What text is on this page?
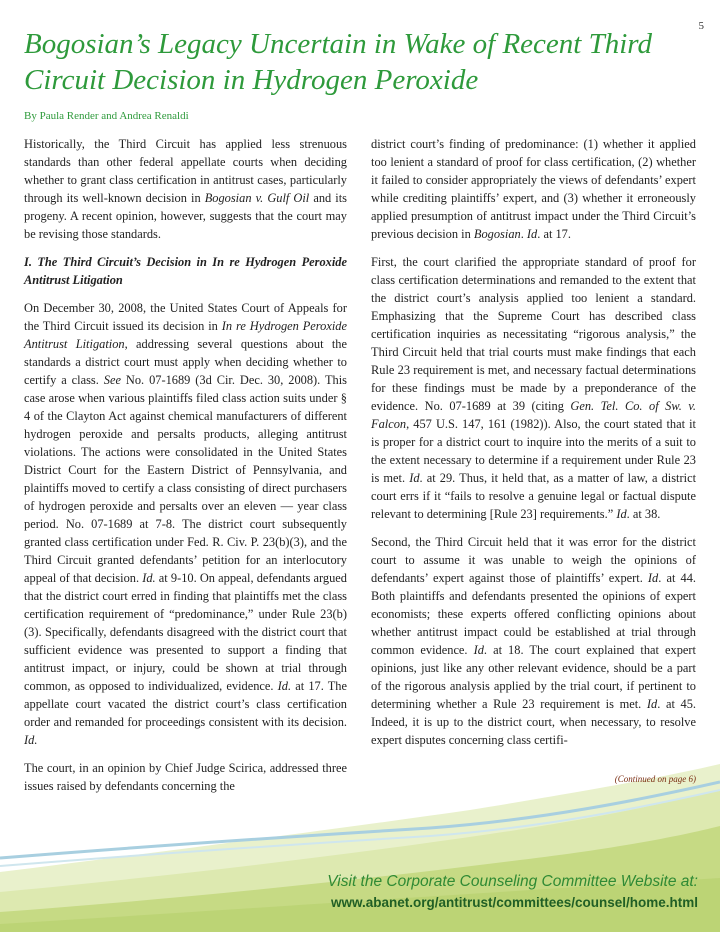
5
Bogosian’s Legacy Uncertain in Wake of Recent Third Circuit Decision in Hydrogen Peroxide
By Paula Render and Andrea Renaldi

Historically, the Third Circuit has applied less strenuous standards than other federal appellate courts when deciding whether to grant class certification in antitrust cases, particularly through its well-known decision in Bogosian v. Gulf Oil and its progeny. A recent opinion, however, suggests that the court may be revising those standards.

I. The Third Circuit’s Decision in In re Hydrogen Peroxide Antitrust Litigation

On December 30, 2008, the United States Court of Appeals for the Third Circuit issued its decision in In re Hydrogen Peroxide Antitrust Litigation, addressing several questions about the standards a district court must apply when deciding whether to certify a class. See No. 07-1689 (3d Cir. Dec. 30, 2008). This case arose when various plaintiffs filed class action suits under § 4 of the Clayton Act against chemical manufacturers of different hydrogen peroxide and persalts products, alleging antitrust violations. The actions were consolidated in the United States District Court for the Eastern District of Pennsylvania, and plaintiffs moved to certify a class consisting of direct purchasers of hydrogen peroxide and persalts over an eleven — year class period. No. 07-1689 at 7-8. The district court subsequently granted class certification under Fed. R. Civ. P. 23(b)(3), and the Third Circuit granted defendants’ petition for an interlocutory appeal of that decision. Id. at 9-10. On appeal, defendants argued that the district court erred in finding that plaintiffs met the class certification requirement of “predominance,” under Rule 23(b)(3). Specifically, defendants disagreed with the district court that sufficient evidence was presented to support a finding that antitrust impact, or injury, could be shown at trial through common, as opposed to individualized, evidence. Id. at 17. The appellate court vacated the district court’s class certification order and remanded for proceedings consistent with its decision. Id.

The court, in an opinion by Chief Judge Scirica, addressed three issues raised by defendants concerning the

district court’s finding of predominance: (1) whether it applied too lenient a standard of proof for class certification, (2) whether it failed to consider appropriately the views of defendants’ expert while crediting plaintiffs’ expert, and (3) whether it erroneously applied presumption of antitrust impact under the Third Circuit’s previous decision in Bogosian. Id. at 17.

First, the court clarified the appropriate standard of proof for class certification determinations and remanded to the extent that the district court’s analysis applied too lenient a standard. Emphasizing that the Supreme Court has described class certification inquiries as necessitating “rigorous analysis,” the Third Circuit held that trial courts must make findings that each Rule 23 requirement is met, and necessary factual determinations for these findings must be made by a preponderance of the evidence. No. 07-1689 at 39 (citing Gen. Tel. Co. of Sw. v. Falcon, 457 U.S. 147, 161 (1982)). Also, the court stated that it is proper for a district court to inquire into the merits of a suit to the extent necessary to determine if a requirement under Rule 23 is met. Id. at 29. Thus, it held that, as a matter of law, a district court errs if it “fails to resolve a genuine legal or factual dispute relevant to determining [Rule 23] requirements.” Id. at 38.

Second, the Third Circuit held that it was error for the district court to assume it was unable to weigh the opinions of defendants’ expert against those of plaintiffs’ expert. Id. at 44. Both plaintiffs and defendants presented the opinions of expert economists; these experts offered conflicting opinions about whether antitrust impact could be established at trial through common evidence. Id. at 18. The court explained that expert opinions, just like any other relevant evidence, should be a part of the rigorous analysis applied by the trial court, if pertinent to determining whether a Rule 23 requirement is met. Id. at 45. Indeed, it is up to the district court, when necessary, to resolve expert disputes concerning class certifi-

(Continued on page 6)
Visit the Corporate Counseling Committee Website at:
www.abanet.org/antitrust/committees/counsel/home.html
